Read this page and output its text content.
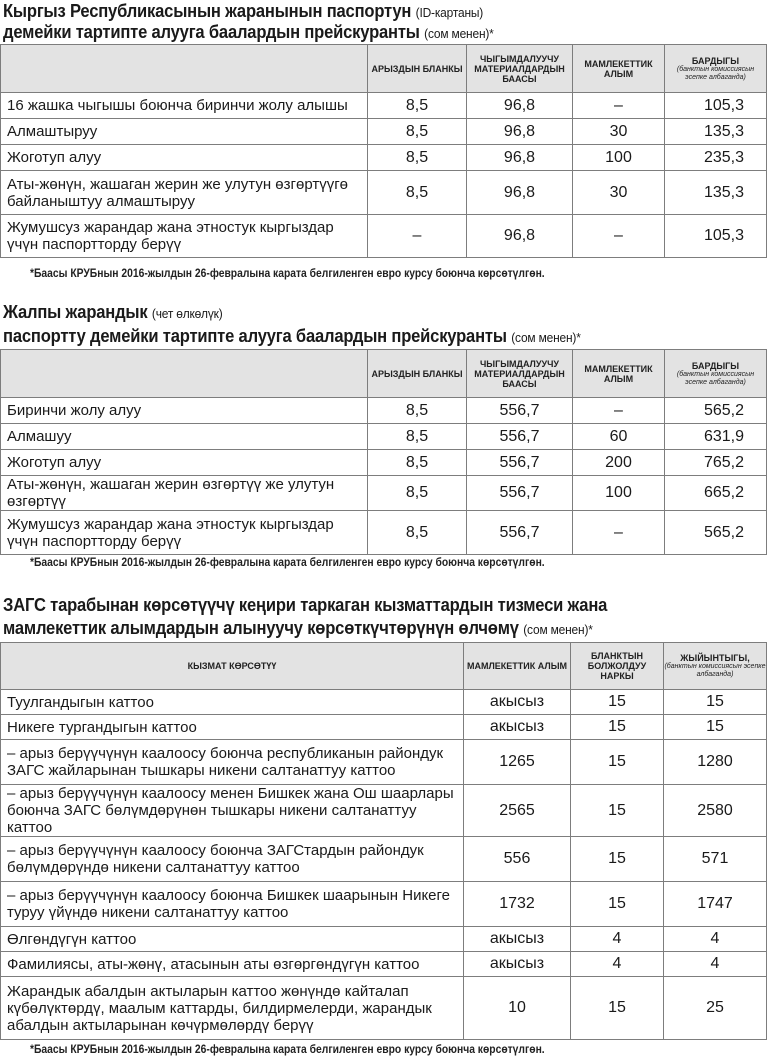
Кыргыз Республикасынын жаранынын паспортун (ID-картаны)
демейки тартипте алууга баалардын прейскуранты (сом менен)*
	АРЫЗДЫН БЛАНКЫ	ЧЫГЫМДАЛУУЧУ МАТЕРИАЛДАРДЫН БААСЫ	МАМЛЕКЕТТИК АЛЫМ	БАРДЫГЫ
(банктын комиссиясын эсепке албаганда)

16 жашка чыгышы боюнча биринчи жолу алышы	8,5	96,8	–	105,3
Алмаштыруу	8,5	96,8	30	135,3
Жоготуп алуу	8,5	96,8	100	235,3
Аты-жөнүн, жашаган жерин же улутун өзгөртүүгө байланыштуу алмаштыруу	8,5	96,8	30	135,3
Жумушсуз жарандар жана этностук кыргыздар үчүн паспортторду берүү	–	96,8	–	105,3
*Баасы КРУБнын 2016-жылдын 26-февралына карата белгиленген евро курсу боюнча көрсөтүлгөн.
Жалпы жарандык (чет өлкөлүк)
паспортту демейки тартипте алууга баалардын прейскуранты (сом менен)*
	АРЫЗДЫН БЛАНКЫ	ЧЫГЫМДАЛУУЧУ МАТЕРИАЛДАРДЫН БААСЫ	МАМЛЕКЕТТИК АЛЫМ	БАРДЫГЫ
(банктын комиссиясын эсепке албаганда)

Биринчи жолу алуу	8,5	556,7	–	565,2
Алмашуу	8,5	556,7	60	631,9
Жоготуп алуу	8,5	556,7	200	765,2
Аты-жөнүн, жашаган жерин өзгөртүү же улутун өзгөртүү	8,5	556,7	100	665,2
Жумушсуз жарандар жана этностук кыргыздар үчүн паспортторду берүү	8,5	556,7	–	565,2
*Баасы КРУБнын 2016-жылдын 26-февралына карата белгиленген евро курсу боюнча көрсөтүлгөн.
ЗАГС тарабынан көрсөтүүчү кеңири таркаган кызматтардын тизмеси жана
мамлекеттик алымдардын алынуучу көрсөткүчтөрүнүн өлчөмү (сом менен)*
КЫЗМАТ КӨРСӨТҮҮ	МАМЛЕКЕТТИК АЛЫМ	БЛАНКТЫН БОЛЖОЛДУУ НАРКЫ	ЖЫЙЫНТЫГЫ,
(банктын комиссиясын эсепке албаганда)

Туулгандыгын каттоо	акысыз	15	15
Никеге тургандыгын каттоо	акысыз	15	15
– арыз берүүчүнүн каалоосу боюнча республиканын райондук ЗАГС жайларынан тышкары никени салтанаттуу каттоо	1265	15	1280
– арыз берүүчүнүн каалоосу менен Бишкек жана Ош шаарлары боюнча ЗАГС бөлүмдөрүнөн тышкары никени салтанаттуу каттоо	2565	15	2580
– арыз берүүчүнүн каалоосу боюнча ЗАГСтардын райондук бөлүмдөрүндө никени салтанаттуу каттоо	556	15	571
– арыз берүүчүнүн каалоосу боюнча Бишкек шаарынын Никеге туруу үйүндө никени салтанаттуу каттоо	1732	15	1747
Өлгөндүгүн каттоо	акысыз	4	4
Фамилиясы, аты-жөнү, атасынын аты өзгөргөндүгүн каттоо	акысыз	4	4
Жарандык абалдын актыларын каттоо жөнүндө кайталап күбөлүктөрдү, маалым каттарды, билдирмелерди, жарандык абалдын актыларынан көчүрмөлөрдү берүү	10	15	25
*Баасы КРУБнын 2016-жылдын 26-февралына карата белгиленген евро курсу боюнча көрсөтүлгөн.
